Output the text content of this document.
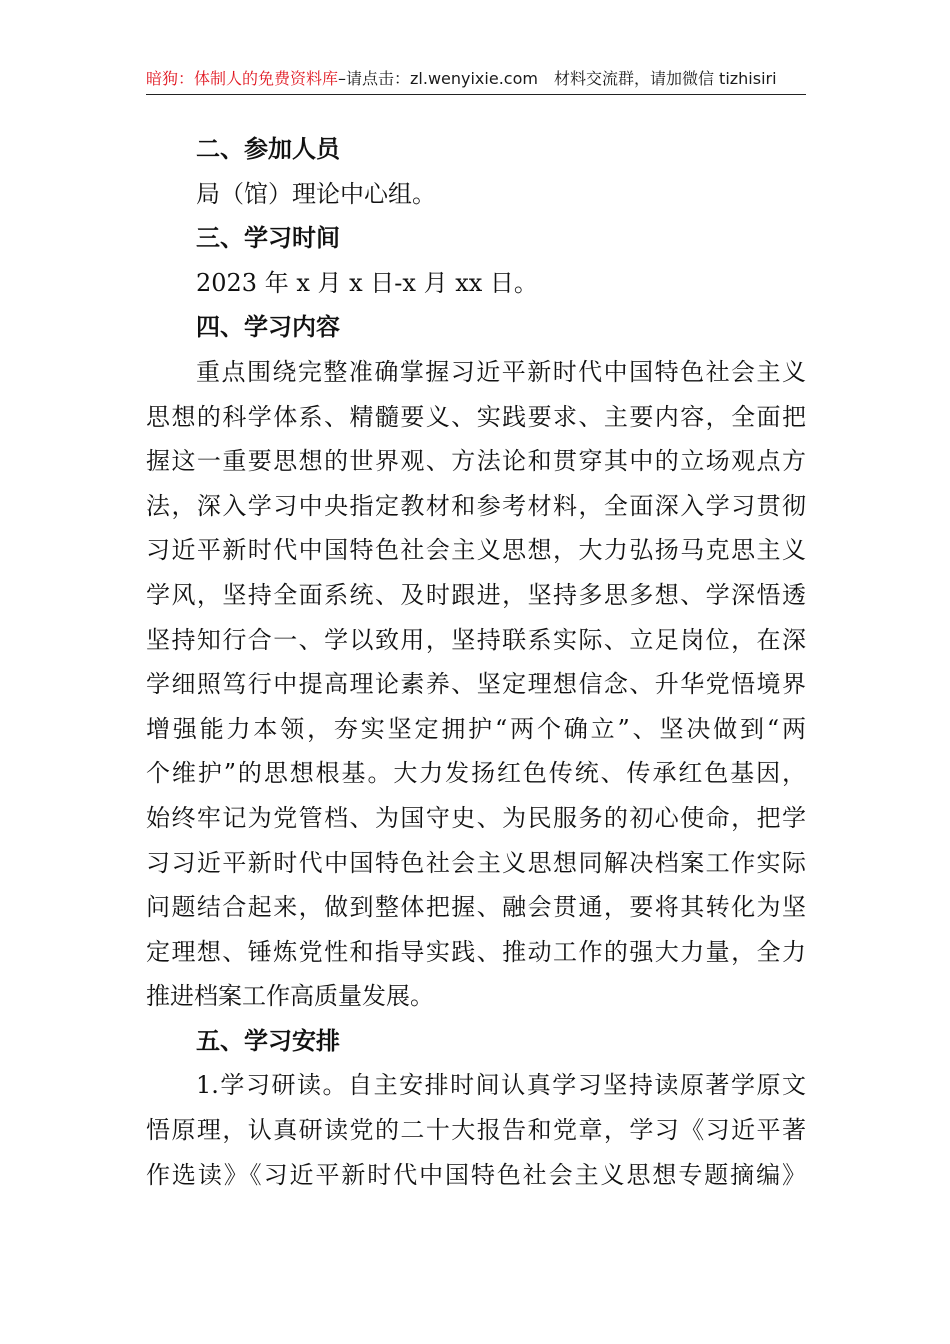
暗狗：体制人的免费资料库–请点击：zl.wenyixie.com 材料交流群，请加微信 tizhisiri
二、参加人员
局（馆）理论中心组。
三、学习时间
2023 年 x 月 x 日-x 月 xx 日。
四、学习内容
重点围绕完整准确掌握习近平新时代中国特色社会主义
思想的科学体系、精髓要义、实践要求、主要内容，全面把
握这一重要思想的世界观、方法论和贯穿其中的立场观点方
法，深入学习中央指定教材和参考材料，全面深入学习贯彻
习近平新时代中国特色社会主义思想，大力弘扬马克思主义
学风，坚持全面系统、及时跟进，坚持多思多想、学深悟透
坚持知行合一、学以致用，坚持联系实际、立足岗位，在深
学细照笃行中提高理论素养、坚定理想信念、升华党悟境界
增强能力本领，夯实坚定拥护“两个确立”、坚决做到“两
个维护”的思想根基。大力发扬红色传统、传承红色基因，
始终牢记为党管档、为国守史、为民服务的初心使命，把学
习习近平新时代中国特色社会主义思想同解决档案工作实际
问题结合起来，做到整体把握、融会贯通，要将其转化为坚
定理想、锤炼党性和指导实践、推动工作的强大力量，全力
推进档案工作高质量发展。
五、学习安排
1.学习研读。自主安排时间认真学习坚持读原著学原文
悟原理，认真研读党的二十大报告和党章，学习《习近平著
作选读》《习近平新时代中国特色社会主义思想专题摘编》
